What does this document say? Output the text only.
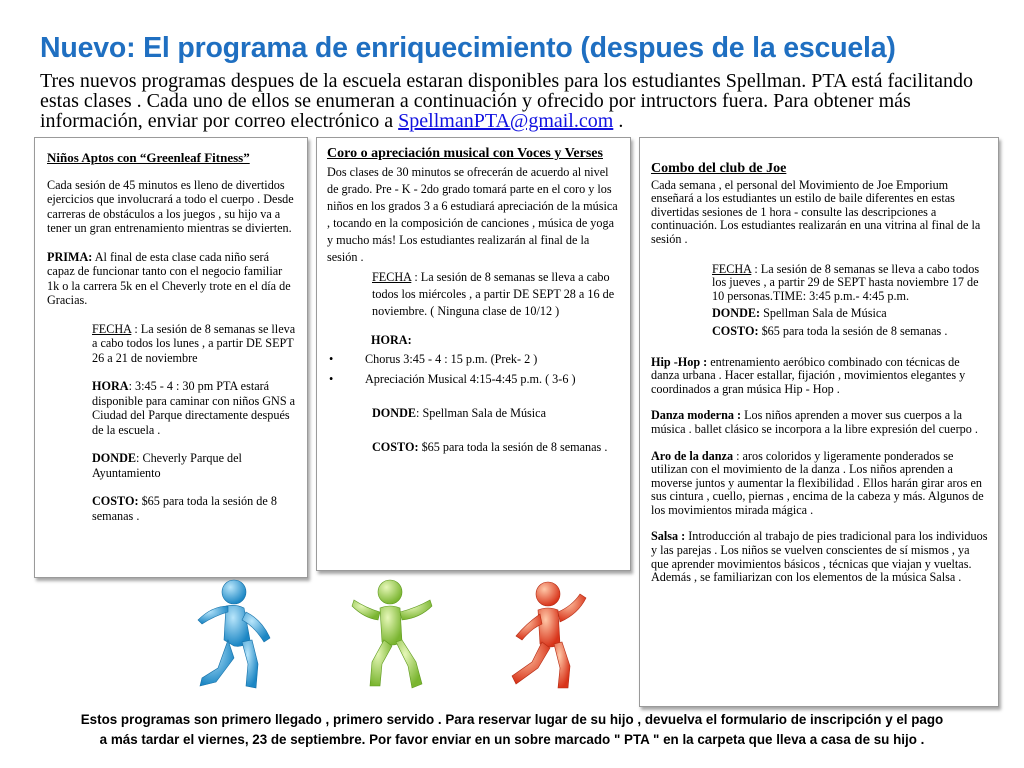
Nuevo: El programa de enriquecimiento (despues de la escuela)

Tres nuevos programas despues de la escuela estaran disponibles para los estudiantes Spellman. PTA está facilitando estas clases . Cada uno de ellos se enumeran a continuación y ofrecido por intructors fuera. Para obtener más información, enviar por correo electrónico a SpellmanPTA@gmail.com .

Niños Aptos con “Greenleaf Fitness”

Cada sesión de 45 minutos es lleno de divertidos ejercicios que involucrará a todo el cuerpo . Desde carreras de obstáculos a los juegos , su hijo va a tener un gran entrenamiento mientras se divierten.

PRIMA: Al final de esta clase cada niño será capaz de funcionar tanto con el negocio familiar 1k o la carrera 5k en el Cheverly trote en el día de Gracias.

FECHA : La sesión de 8 semanas se lleva a cabo todos los lunes , a partir DE SEPT 26 a 21 de noviembre

HORA: 3:45 - 4 : 30 pm PTA estará disponible para caminar con niños GNS a Ciudad del Parque directamente después de la escuela .

DONDE: Cheverly Parque del Ayuntamiento

COSTO: $65 para toda la sesión de 8 semanas .

Coro o apreciación musical con Voces y Verses

Dos clases de 30 minutos se ofrecerán de acuerdo al nivel de grado. Pre - K - 2do grado tomará parte en el coro y los niños en los grados 3 a 6 estudiará apreciación de la música , tocando en la composición de canciones , música de yoga y mucho más! Los estudiantes realizarán al final de la sesión .

FECHA : La sesión de 8 semanas se lleva a cabo todos los miércoles , a partir DE SEPT 28 a 16 de noviembre. ( Ninguna clase de 10/12 )

HORA:

•	Chorus 3:45 - 4 : 15 p.m. (Prek- 2 )
•	Apreciación Musical 4:15-4:45 p.m. ( 3-6 )

DONDE: Spellman Sala de Música

COSTO: $65 para toda la sesión de 8 semanas .

Combo del club de Joe

Cada semana , el personal del Movimiento de Joe Emporium enseñará a los estudiantes un estilo de baile diferentes en estas divertidas sesiones de 1 hora - consulte las descripciones a continuación. Los estudiantes realizarán en una vitrina al final de la sesión .

FECHA : La sesión de 8 semanas se lleva a cabo todos los jueves , a partir 29 de SEPT hasta noviembre 17 de 10 personas.TIME: 3:45 p.m.- 4:45 p.m.

DONDE: Spellman Sala de Música

COSTO: $65 para toda la sesión de 8 semanas .

Hip -Hop : entrenamiento aeróbico combinado con técnicas de danza urbana . Hacer estallar, fijación , movimientos elegantes y coordinados a gran música Hip - Hop .

Danza moderna : Los niños aprenden a mover sus cuerpos a la música . ballet clásico se incorpora a la libre expresión del cuerpo .

Aro de la danza : aros coloridos y ligeramente ponderados se utilizan con el movimiento de la danza . Los niños aprenden a moverse juntos y aumentar la flexibilidad . Ellos harán girar aros en sus cintura , cuello, piernas , encima de la cabeza y más. Algunos de los movimientos mirada mágica .

Salsa : Introducción al trabajo de pies tradicional para los individuos y las parejas . Los niños se vuelven conscientes de sí mismos , ya que aprender movimientos básicos , técnicas que viajan y vueltas. Además , se familiarizan con los elementos de la música Salsa .

Estos programas son primero llegado , primero servido . Para reservar lugar de su hijo , devuelva el formulario de inscripción y el pago
a más tardar el viernes, 23 de septiembre. Por favor enviar en un sobre marcado " PTA " en la carpeta que lleva a casa de su hijo .
